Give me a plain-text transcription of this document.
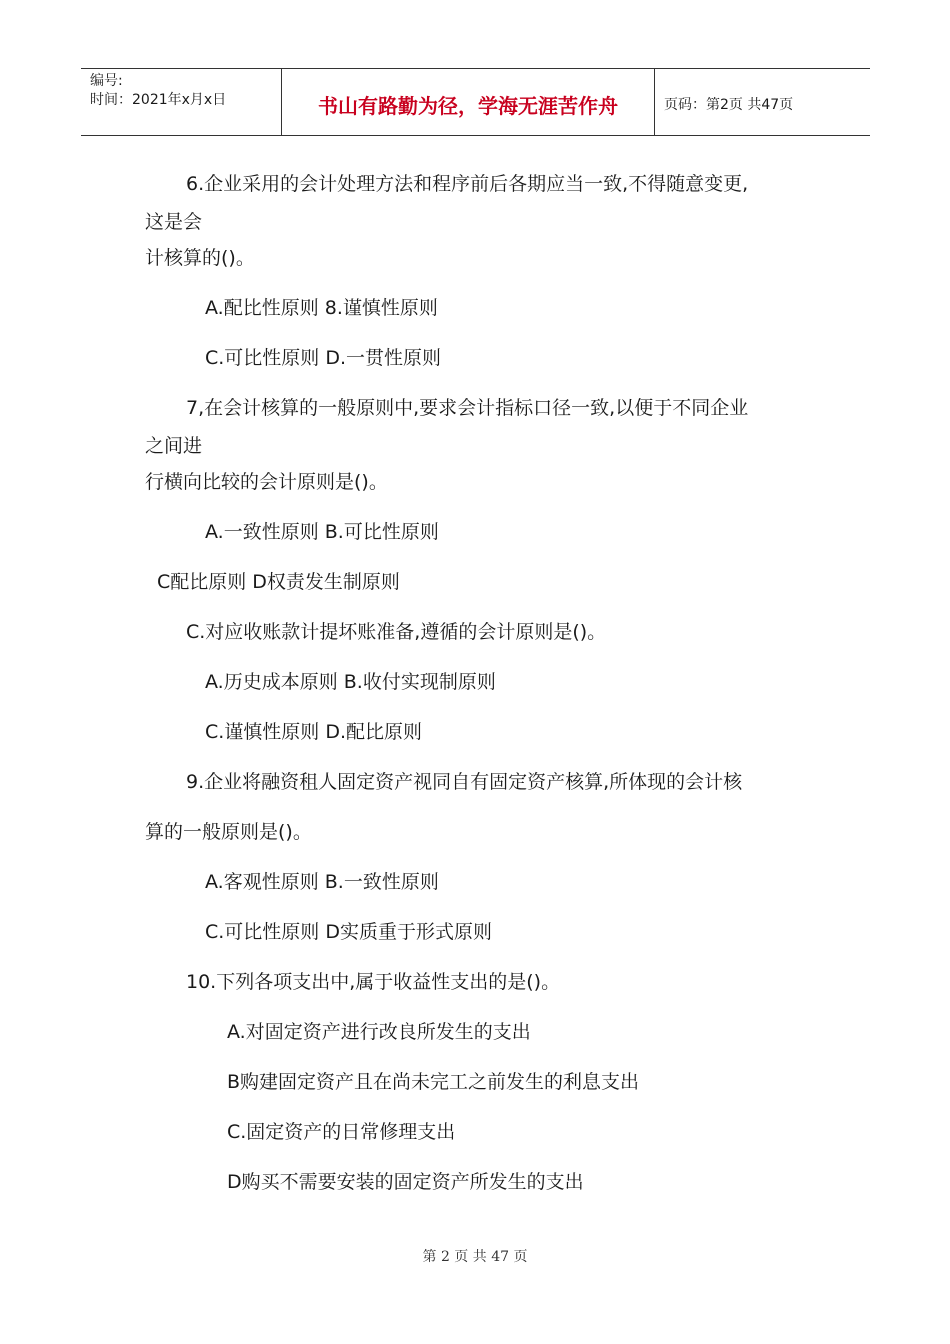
编号:
时间：2021年x月x日	书山有路勤为径，学海无涯苦作舟	页码：第2页 共47页
6.企业采用的会计处理方法和程序前后各期应当一致,不得随意变更,
这是会
计核算的()。
A.配比性原则 8.谨慎性原则
C.可比性原则 D.一贯性原则
7,在会计核算的一般原则中,要求会计指标口径一致,以便于不同企业
之间进
行横向比较的会计原则是()。
A.一致性原则 B.可比性原则
C配比原则 D权责发生制原则
C.对应收账款计提坏账准备,遵循的会计原则是()。
A.历史成本原则 B.收付实现制原则
C.谨慎性原则 D.配比原则
9.企业将融资租人固定资产视同自有固定资产核算,所体现的会计核
算的一般原则是()。
A.客观性原则 B.一致性原则
C.可比性原则 D实质重于形式原则
10.下列各项支出中,属于收益性支出的是()。
A.对固定资产进行改良所发生的支出
B购建固定资产且在尚未完工之前发生的利息支出
C.固定资产的日常修理支出
D购买不需要安装的固定资产所发生的支出
第 2 页 共 47 页
